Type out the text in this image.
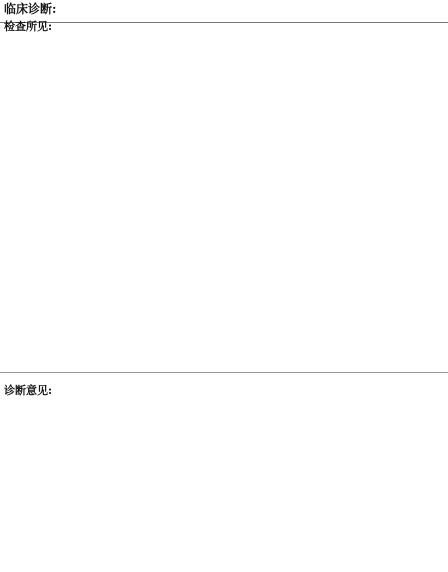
临床诊断:
检查所见:
诊断意见:
